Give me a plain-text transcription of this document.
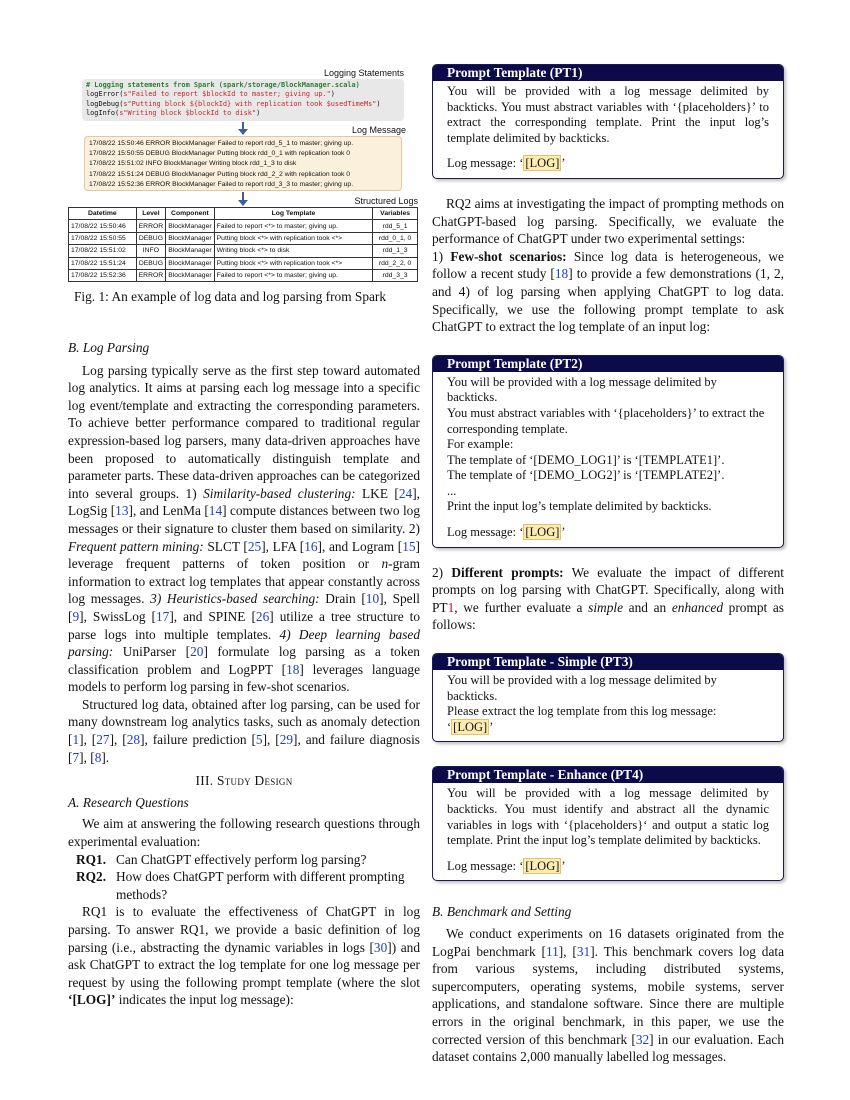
Logging Statements
# Logging statements from Spark (spark/storage/BlockManager.scala)
logError(s"Failed to report $blockId to master; giving up.")
logDebug(s"Putting block ${blockId} with replication took $usedTimeMs")
logInfo(s"Writing block $blockId to disk")
Log Message
17/08/22 15:50:46 ERROR BlockManager Failed to report rdd_5_1 to master; giving up.
17/08/22 15:50:55 DEBUG BlockManager Putting block rdd_0_1 with replication took 0
17/08/22 15:51:02 INFO BlockManager Writing block rdd_1_3 to disk
17/08/22 15:51:24 DEBUG BlockManager Putting block rdd_2_2 with replication took 0
17/08/22 15:52:36 ERROR BlockManager Failed to report rdd_3_3 to master; giving up.
Structured Logs
Datetime	Level	Component	Log Template	Variables
17/08/22 15:50:46	ERROR	BlockManager	Failed to report <*> to master; giving up.	rdd_5_1
17/08/22 15:50:55	DEBUG	BlockManager	Putting block <*> with replication took <*>	rdd_0_1, 0
17/08/22 15:51:02	INFO	BlockManager	Writing block <*> to disk	rdd_1_3
17/08/22 15:51:24	DEBUG	BlockManager	Putting block <*> with replication took <*>	rdd_2_2, 0
17/08/22 15:52:36	ERROR	BlockManager	Failed to report <*> to master; giving up.	rdd_3_3
Fig. 1: An example of log data and log parsing from Spark
B. Log Parsing

Log parsing typically serve as the first step toward automated log analytics. It aims at parsing each log message into a specific log event/template and extracting the corresponding parameters. To achieve better performance compared to traditional regular expression-based log parsers, many data-driven approaches have been proposed to automatically distinguish template and parameter parts. These data-driven approaches can be categorized into several groups. 1) Similarity-based clustering: LKE [24], LogSig [13], and LenMa [14] compute distances between two log messages or their signature to cluster them based on similarity. 2) Frequent pattern mining: SLCT [25], LFA [16], and Logram [15] leverage frequent patterns of token position or n-gram information to extract log templates that appear constantly across log messages. 3) Heuristics-based searching: Drain [10], Spell [9], SwissLog [17], and SPINE [26] utilize a tree structure to parse logs into multiple templates. 4) Deep learning based parsing: UniParser [20] formulate log parsing as a token classification problem and LogPPT [18] leverages language models to perform log parsing in few-shot scenarios.

Structured log data, obtained after log parsing, can be used for many downstream log analytics tasks, such as anomaly detection [1], [27], [28], failure prediction [5], [29], and failure diagnosis [7], [8].

III. Study Design
A. Research Questions

We aim at answering the following research questions through experimental evaluation:

RQ1. Can ChatGPT effectively perform log parsing?
RQ2. How does ChatGPT perform with different prompting methods?

RQ1 is to evaluate the effectiveness of ChatGPT in log parsing. To answer RQ1, we provide a basic definition of log parsing (i.e., abstracting the dynamic variables in logs [30]) and ask ChatGPT to extract the log template for one log message per request by using the following prompt template (where the slot ‘[LOG]’ indicates the input log message):

Prompt Template (PT1)

You will be provided with a log message delimited by backticks. You must abstract variables with ‘{placeholders}’ to extract the corresponding template. Print the input log’s template delimited by backticks.

Log message: ‘ [LOG] ’

RQ2 aims at investigating the impact of prompting methods on ChatGPT-based log parsing. Specifically, we evaluate the performance of ChatGPT under two experimental settings:

1) Few-shot scenarios: Since log data is heterogeneous, we follow a recent study [18] to provide a few demonstrations (1, 2, and 4) of log parsing when applying ChatGPT to log data. Specifically, we use the following prompt template to ask ChatGPT to extract the log template of an input log:

Prompt Template (PT2)

You will be provided with a log message delimited by backticks.

You must abstract variables with ‘{placeholders}’ to extract the

corresponding template.

For example:

The template of ‘[DEMO_LOG1]’ is ‘[TEMPLATE1]’.

The template of ‘[DEMO_LOG2]’ is ‘[TEMPLATE2]’.

...

Print the input log’s template delimited by backticks.

Log message: ‘ [LOG] ’

2) Different prompts: We evaluate the impact of different prompts on log parsing with ChatGPT. Specifically, along with PT1, we further evaluate a simple and an enhanced prompt as follows:

Prompt Template - Simple (PT3)

You will be provided with a log message delimited by backticks.

Please extract the log template from this log message:

‘ [LOG] ’

Prompt Template - Enhance (PT4)

You will be provided with a log message delimited by backticks. You must identify and abstract all the dynamic variables in logs with ‘{placeholders}‘ and output a static log template. Print the input log’s template delimited by backticks.

Log message: ‘ [LOG] ’

B. Benchmark and Setting

We conduct experiments on 16 datasets originated from the LogPai benchmark [11], [31]. This benchmark covers log data from various systems, including distributed systems, supercomputers, operating systems, mobile systems, server applications, and standalone software. Since there are multiple errors in the original benchmark, in this paper, we use the corrected version of this benchmark [32] in our evaluation. Each dataset contains 2,000 manually labelled log messages.
